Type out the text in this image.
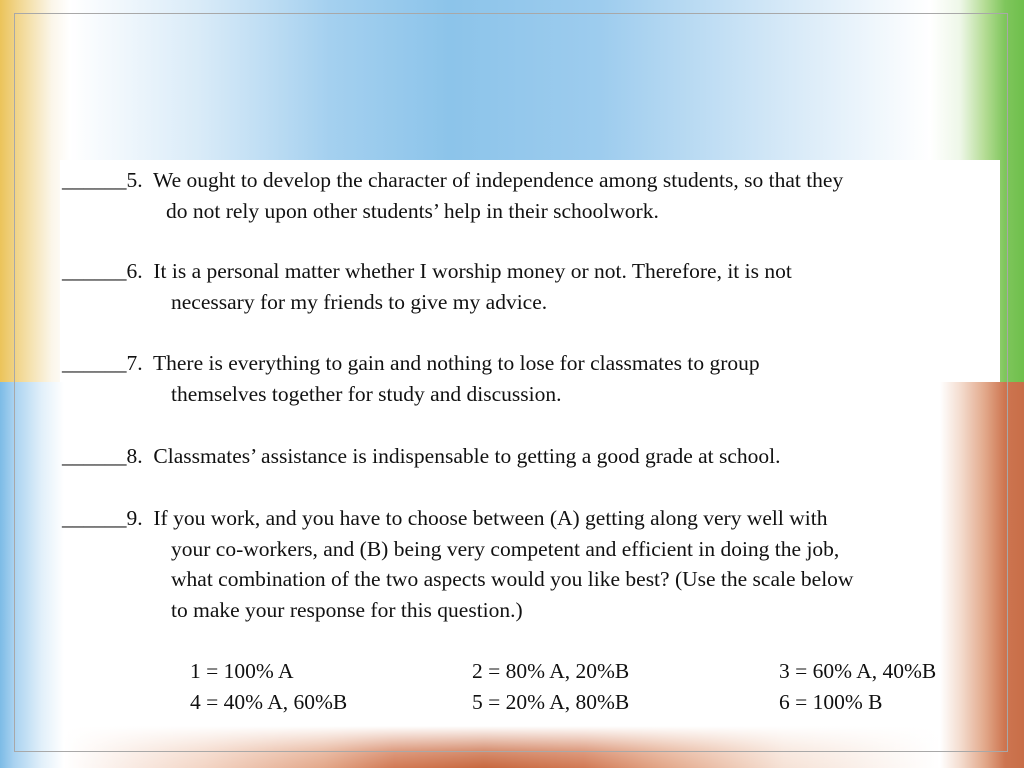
______5. We ought to develop the character of independence among students, so that they
do not rely upon other students’ help in their schoolwork.
______6. It is a personal matter whether I worship money or not. Therefore, it is not
necessary for my friends to give my advice.
______7. There is everything to gain and nothing to lose for classmates to group
themselves together for study and discussion.
______8. Classmates’ assistance is indispensable to getting a good grade at school.
______9. If you work, and you have to choose between (A) getting along very well with
your co-workers, and (B) being very competent and efficient in doing the job,
what combination of the two aspects would you like best? (Use the scale below
to make your response for this question.)
1 = 100% A	2 = 80% A, 20%B	3 = 60% A, 40%B
4 = 40% A, 60%B	5 = 20% A, 80%B	6 = 100% B
